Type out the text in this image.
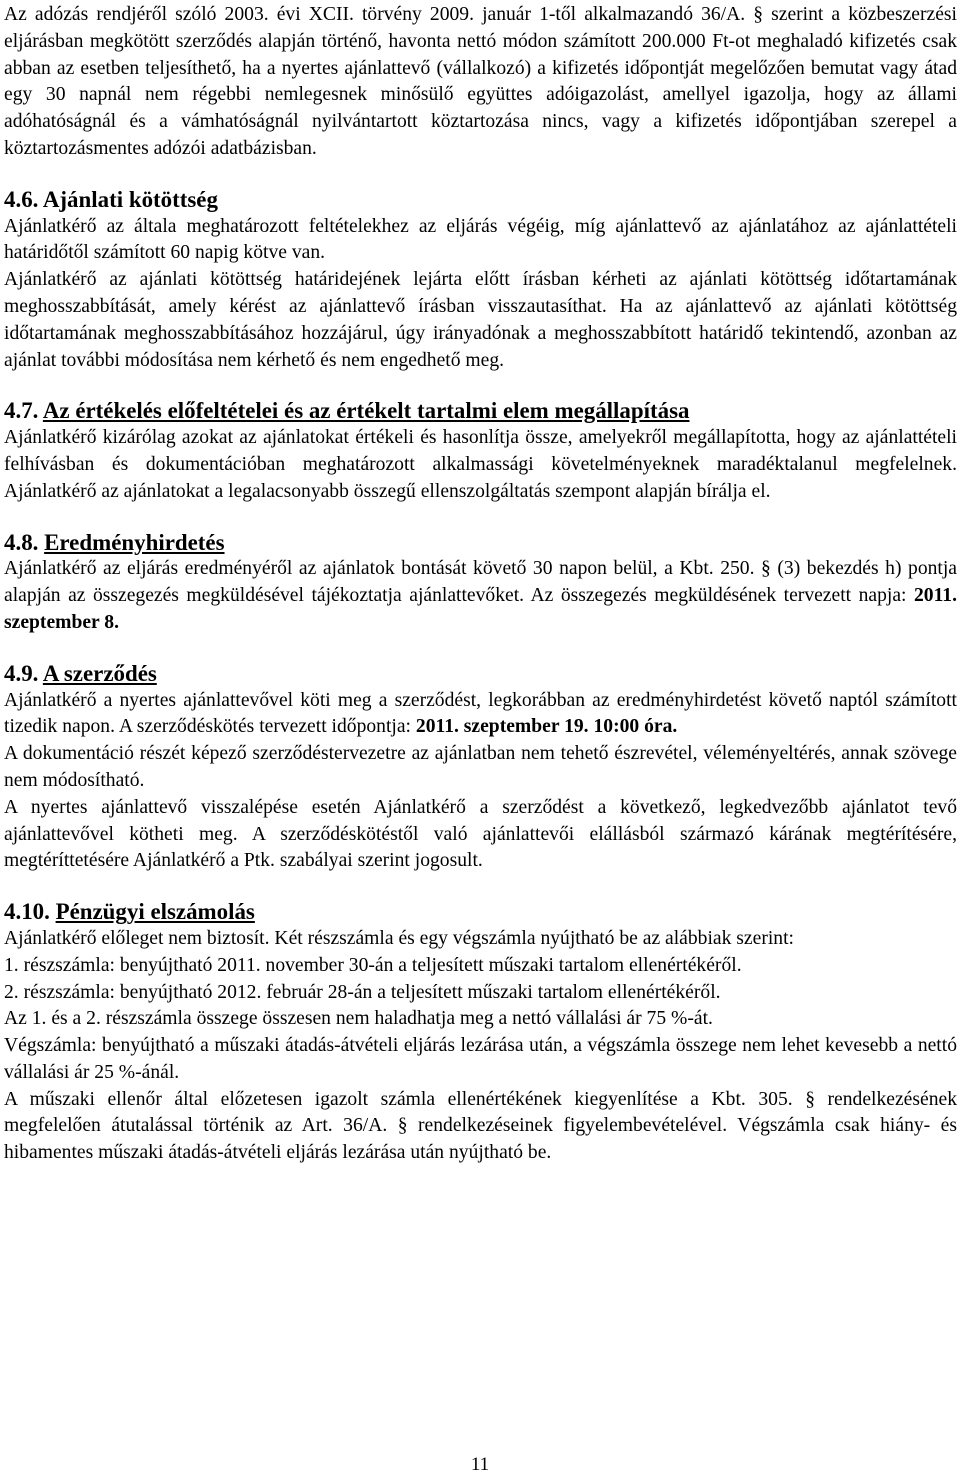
Az adózás rendjéről szóló 2003. évi XCII. törvény 2009. január 1-től alkalmazandó 36/A. § szerint a közbeszerzési eljárásban megkötött szerződés alapján történő, havonta nettó módon számított 200.000 Ft-ot meghaladó kifizetés csak abban az esetben teljesíthető, ha a nyertes ajánlattevő (vállalkozó) a kifizetés időpontját megelőzően bemutat vagy átad egy 30 napnál nem régebbi nemlegesnek minősülő együttes adóigazolást, amellyel igazolja, hogy az állami adóhatóságnál és a vámhatóságnál nyilvántartott köztartozása nincs, vagy a kifizetés időpontjában szerepel a köztartozásmentes adózói adatbázisban.

4.6. Ajánlati kötöttség

Ajánlatkérő az általa meghatározott feltételekhez az eljárás végéig, míg ajánlattevő az ajánlatához az ajánlattételi határidőtől számított 60 napig kötve van.

Ajánlatkérő az ajánlati kötöttség határidejének lejárta előtt írásban kérheti az ajánlati kötöttség időtartamának meghosszabbítását, amely kérést az ajánlattevő írásban visszautasíthat. Ha az ajánlattevő az ajánlati kötöttség időtartamának meghosszabbításához hozzájárul, úgy irányadónak a meghosszabbított határidő tekintendő, azonban az ajánlat további módosítása nem kérhető és nem engedhető meg.

4.7. Az értékelés előfeltételei és az értékelt tartalmi elem megállapítása

Ajánlatkérő kizárólag azokat az ajánlatokat értékeli és hasonlítja össze, amelyekről megállapította, hogy az ajánlattételi felhívásban és dokumentációban meghatározott alkalmassági követelményeknek maradéktalanul megfelelnek. Ajánlatkérő az ajánlatokat a legalacsonyabb összegű ellenszolgáltatás szempont alapján bírálja el.

4.8. Eredményhirdetés

Ajánlatkérő az eljárás eredményéről az ajánlatok bontását követő 30 napon belül, a Kbt. 250. § (3) bekezdés h) pontja alapján az összegezés megküldésével tájékoztatja ajánlattevőket. Az összegezés megküldésének tervezett napja: 2011. szeptember 8.

4.9. A szerződés

Ajánlatkérő a nyertes ajánlattevővel köti meg a szerződést, legkorábban az eredményhirdetést követő naptól számított tizedik napon. A szerződéskötés tervezett időpontja: 2011. szeptember 19. 10:00 óra.

A dokumentáció részét képező szerződéstervezetre az ajánlatban nem tehető észrevétel, véleményeltérés, annak szövege nem módosítható.

A nyertes ajánlattevő visszalépése esetén Ajánlatkérő a szerződést a következő, legkedvezőbb ajánlatot tevő ajánlattevővel kötheti meg. A szerződéskötéstől való ajánlattevői elállásból származó kárának megtérítésére, megtéríttetésére Ajánlatkérő a Ptk. szabályai szerint jogosult.

4.10. Pénzügyi elszámolás

Ajánlatkérő előleget nem biztosít. Két részszámla és egy végszámla nyújtható be az alábbiak szerint:

1. részszámla: benyújtható 2011. november 30-án a teljesített műszaki tartalom ellenértékéről.

2. részszámla: benyújtható 2012. február 28-án a teljesített műszaki tartalom ellenértékéről.

Az 1. és a 2. részszámla összege összesen nem haladhatja meg a nettó vállalási ár 75 %-át.

Végszámla: benyújtható a műszaki átadás-átvételi eljárás lezárása után, a végszámla összege nem lehet kevesebb a nettó vállalási ár 25 %-ánál.

A műszaki ellenőr által előzetesen igazolt számla ellenértékének kiegyenlítése a Kbt. 305. § rendelkezésének megfelelően átutalással történik az Art. 36/A. § rendelkezéseinek figyelembevételével. Végszámla csak hiány- és hibamentes műszaki átadás-átvételi eljárás lezárása után nyújtható be.

11
